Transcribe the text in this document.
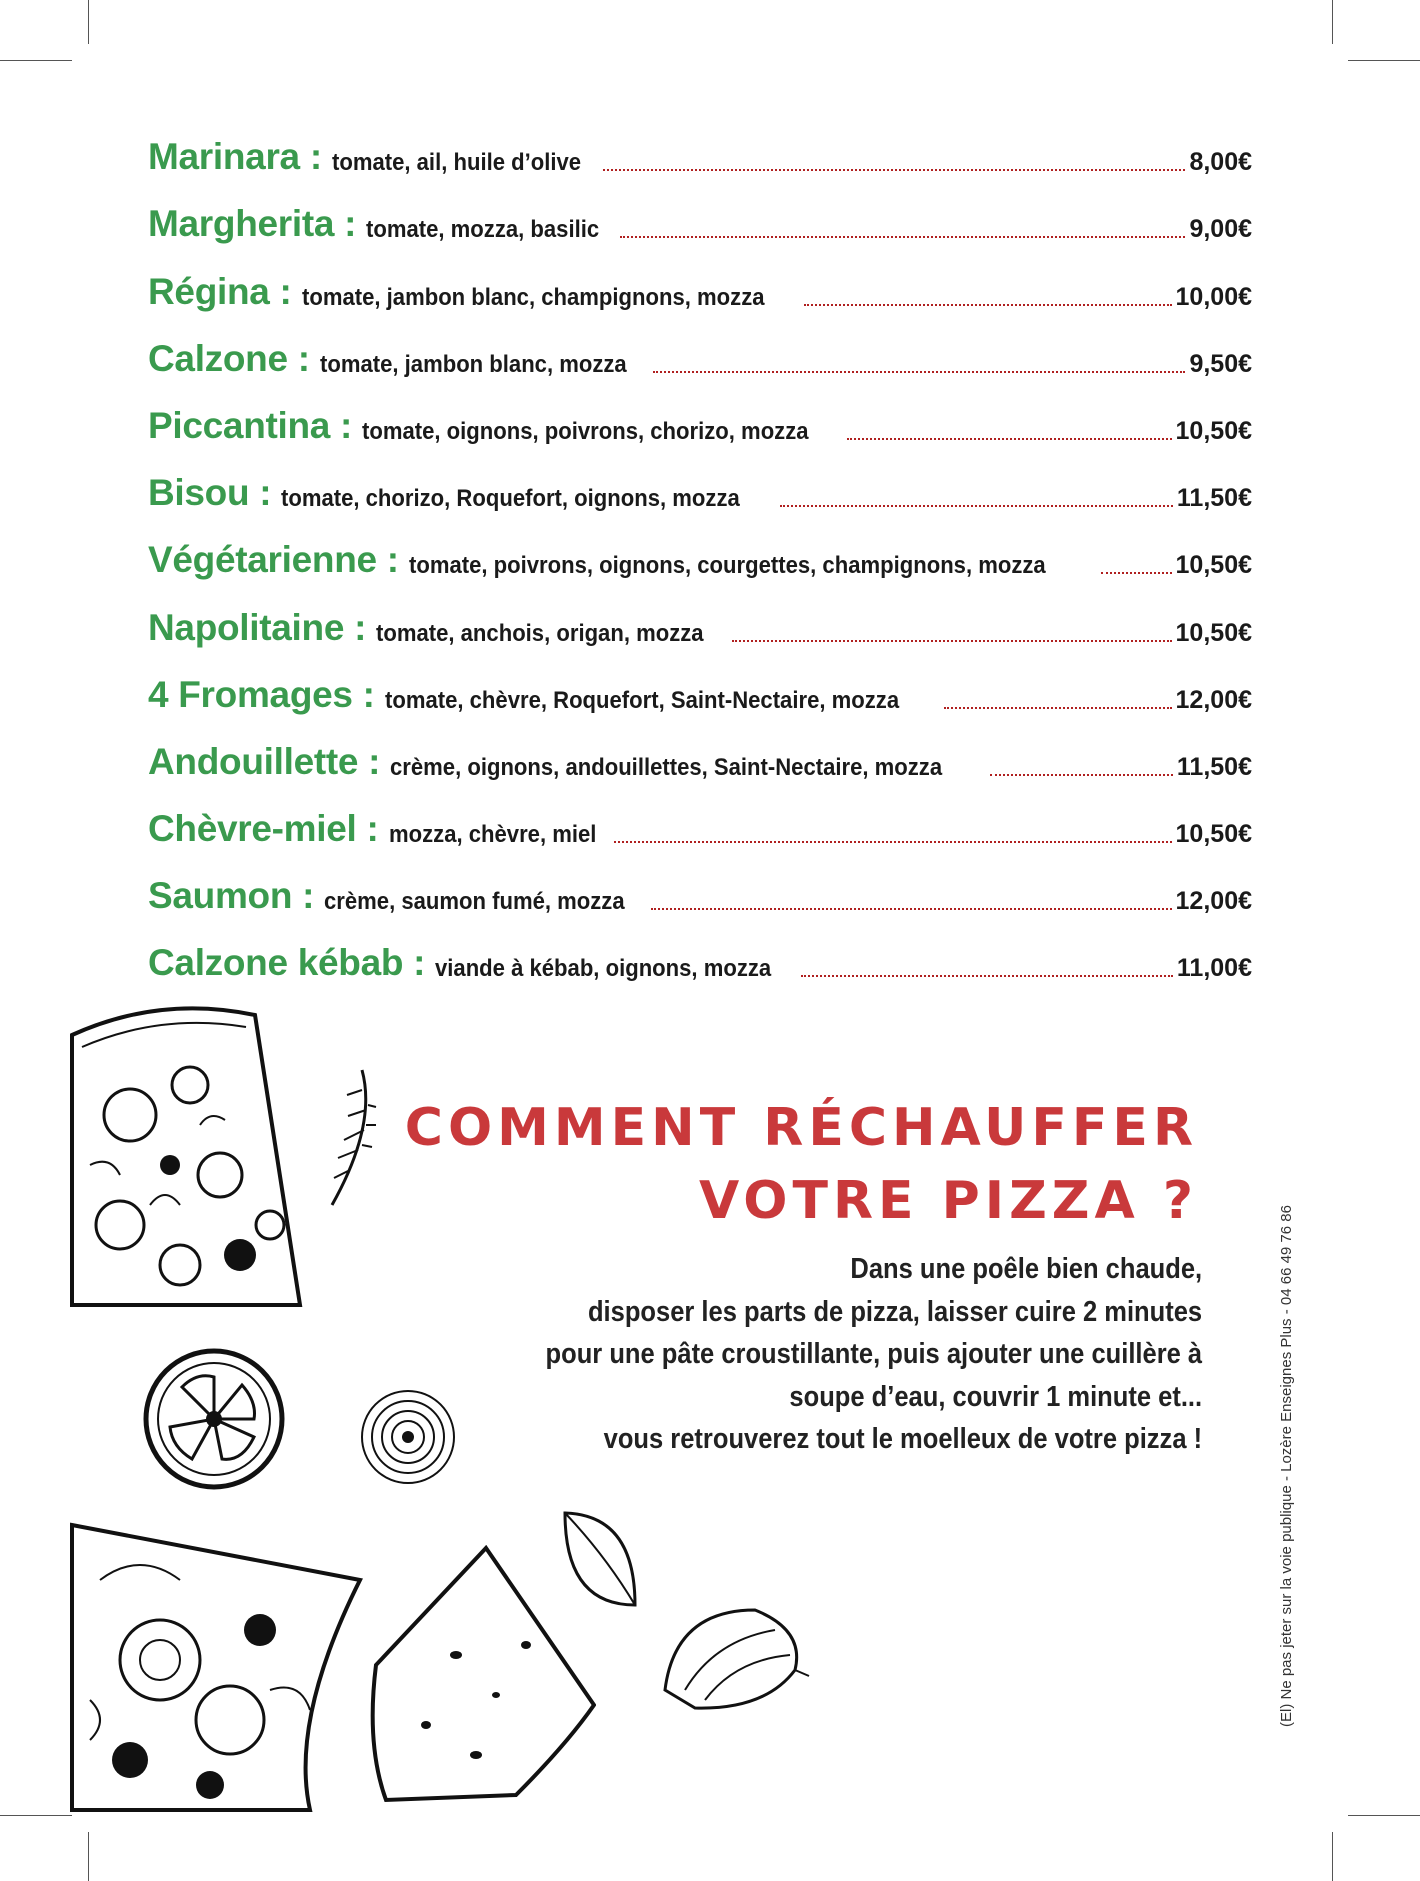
Marinara : tomate, ail, huile d’olive	8,00€
Margherita : tomate, mozza, basilic	9,00€
Régina : tomate, jambon blanc, champignons, mozza	10,00€
Calzone : tomate, jambon blanc, mozza	9,50€
Piccantina : tomate, oignons, poivrons, chorizo, mozza	10,50€
Bisou : tomate, chorizo, Roquefort, oignons, mozza	11,50€
Végétarienne : tomate, poivrons, oignons, courgettes, champignons, mozza	10,50€
Napolitaine : tomate, anchois, origan, mozza	10,50€
4 Fromages : tomate, chèvre, Roquefort, Saint-Nectaire, mozza	12,00€
Andouillette : crème, oignons, andouillettes, Saint-Nectaire, mozza	11,50€
Chèvre-miel : mozza, chèvre, miel	10,50€
Saumon : crème, saumon fumé, mozza	12,00€
Calzone kébab : viande à kébab, oignons, mozza	11,00€
COMMENT RÉCHAUFFER
VOTRE PIZZA ?
Dans une poêle bien chaude,
disposer les parts de pizza, laisser cuire 2 minutes
pour une pâte croustillante, puis ajouter une cuillère à
soupe d’eau, couvrir 1 minute et...
vous retrouverez tout le moelleux de votre pizza !	(El) Ne pas jeter sur la voie publique - Lozère Enseignes Plus - 04 66 49 76 86
